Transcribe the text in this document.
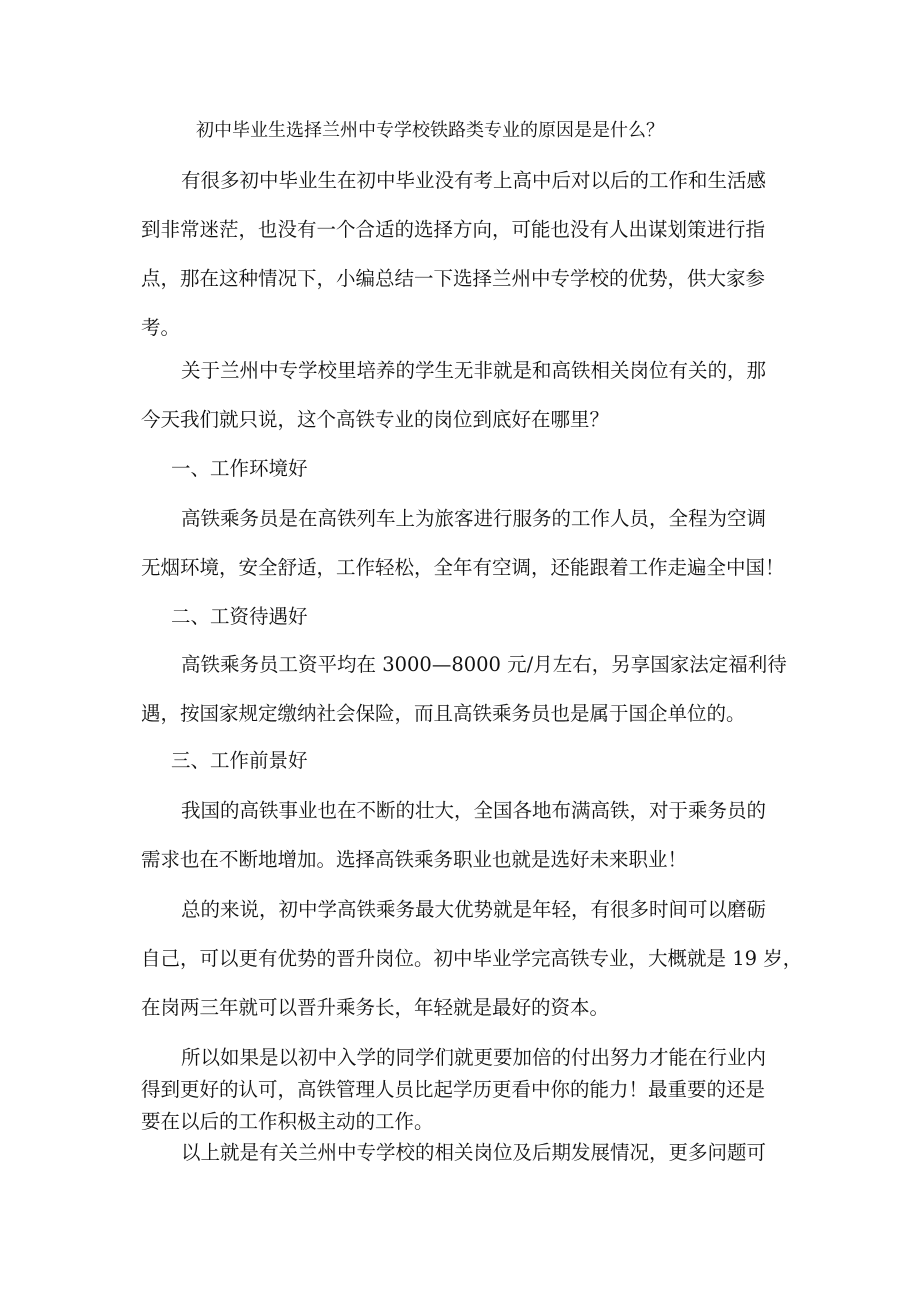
初中毕业生选择兰州中专学校铁路类专业的原因是是什么？

有很多初中毕业生在初中毕业没有考上高中后对以后的工作和生活感
到非常迷茫，也没有一个合适的选择方向，可能也没有人出谋划策进行指
点，那在这种情况下，小编总结一下选择兰州中专学校的优势，供大家参
考。

关于兰州中专学校里培养的学生无非就是和高铁相关岗位有关的，那
今天我们就只说，这个高铁专业的岗位到底好在哪里？

一、工作环境好

高铁乘务员是在高铁列车上为旅客进行服务的工作人员，全程为空调
无烟环境，安全舒适，工作轻松，全年有空调，还能跟着工作走遍全中国！

二、工资待遇好

高铁乘务员工资平均在 3000—8000 元/月左右，另享国家法定福利待
遇，按国家规定缴纳社会保险，而且高铁乘务员也是属于国企单位的。

三、工作前景好

我国的高铁事业也在不断的壮大，全国各地布满高铁，对于乘务员的
需求也在不断地增加。选择高铁乘务职业也就是选好未来职业！

总的来说，初中学高铁乘务最大优势就是年轻，有很多时间可以磨砺
自己，可以更有优势的晋升岗位。初中毕业学完高铁专业，大概就是 19 岁，
在岗两三年就可以晋升乘务长，年轻就是最好的资本。

所以如果是以初中入学的同学们就更要加倍的付出努力才能在行业内
得到更好的认可，高铁管理人员比起学历更看中你的能力！最重要的还是
要在以后的工作积极主动的工作。

以上就是有关兰州中专学校的相关岗位及后期发展情况，更多问题可
